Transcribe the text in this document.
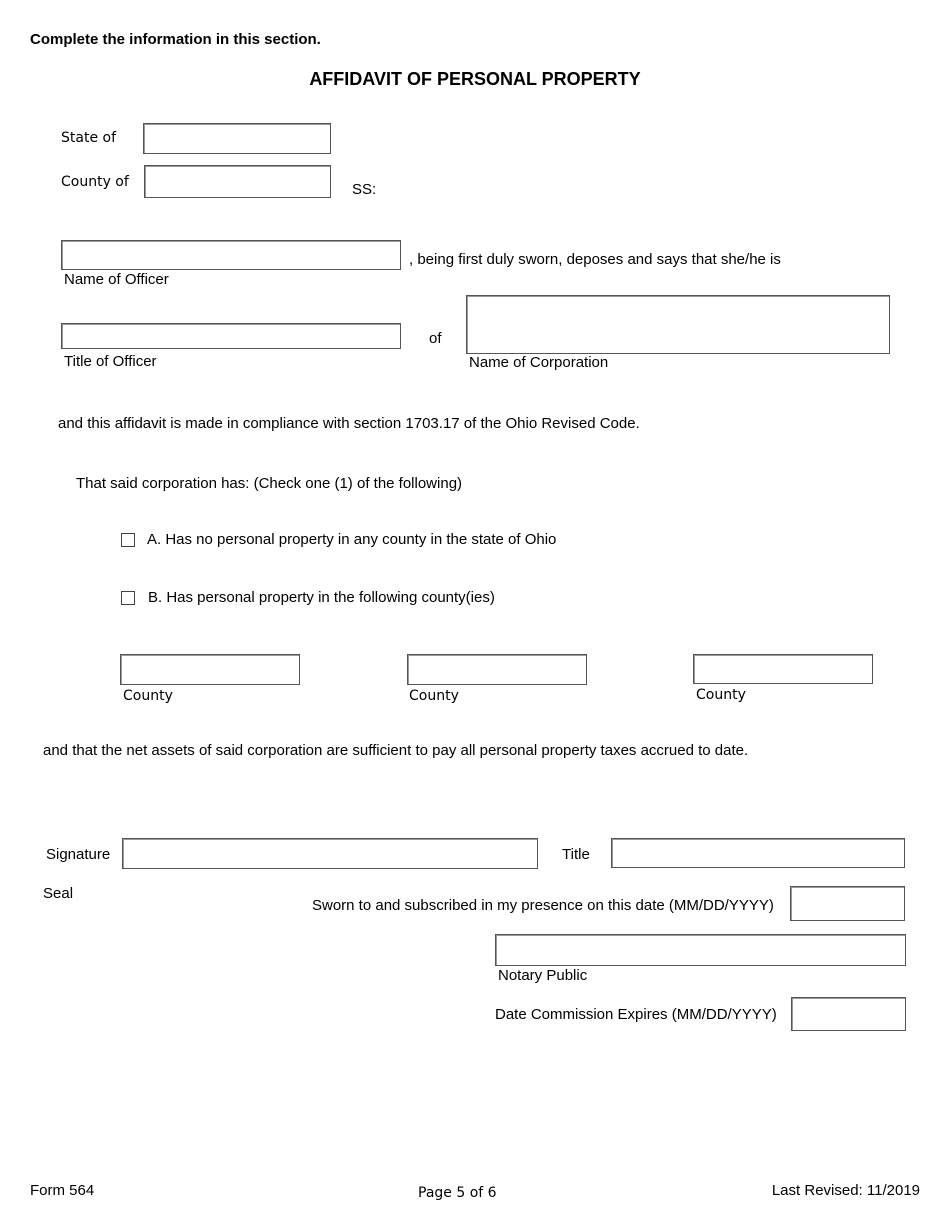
Complete the information in this section.
AFFIDAVIT OF PERSONAL PROPERTY
State of
County of	SS:
, being first duly sworn, deposes and says that she/he is
Name of Officer
Title of Officer
of
Name of Corporation
and this affidavit is made in compliance with section 1703.17 of the Ohio Revised Code.
That said corporation has: (Check one (1) of the following)
A. Has no personal property in any county in the state of Ohio
B. Has personal property in the following county(ies)
County	County	County
and that the net assets of said corporation are sufficient to pay all personal property taxes accrued to date.
Signature	Title
Seal
Sworn to and subscribed in my presence on this date (MM/DD/YYYY)
Notary Public
Date Commission Expires (MM/DD/YYYY)
Form 564	Page 5 of 6	Last Revised: 11/2019
